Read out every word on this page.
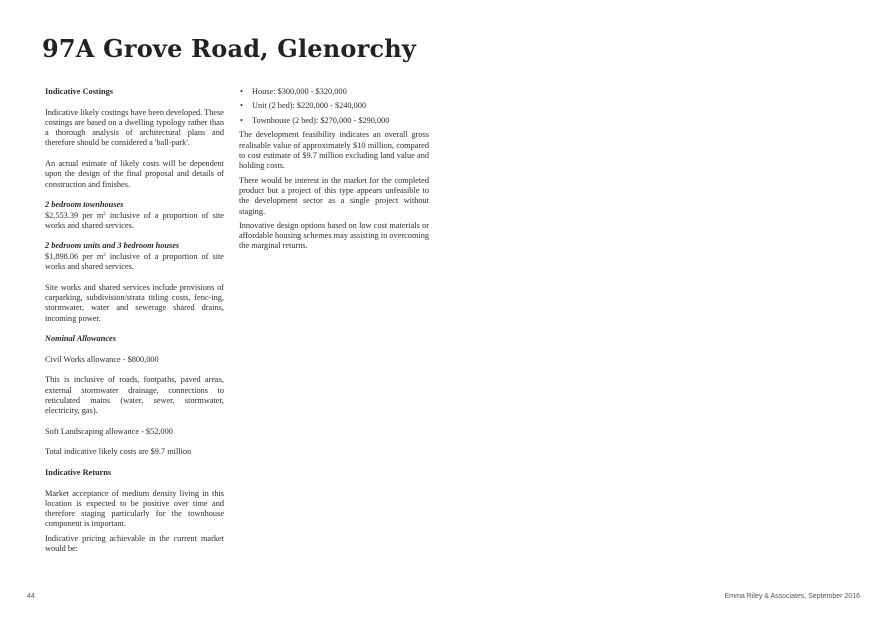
97A Grove Road, Glenorchy

Indicative Costings

Indicative likely costings have been developed. These costings are based on a dwelling typology rather than a thorough analysis of architectural plans and therefore should be considered a 'ball-park'.

An actual esimate of likely costs will be dependent upon the design of the final proposal and details of construction and finishes.

2 bedroom townhouses

$2,553.39 per $m^2$ inclusive of a proportion of site works and shared services.

2 bedroom units and 3 bedroom houses

$1,898.06 per $m^2$ inclusive of a proportion of site works and shared services.

Site works and shared services include provisions of carparking, subdivision/strata titling costs, fenc-ing, stormwater, water and sewerage shared drains, incoming power.

Nominal Allowances

Civil Works allowance - $800,000

This is inclusive of roads, footpaths, paved areas, external stormwater drainage, connections to reticulated mains (water, sewer, stormwater, electricity, gas).

Soft Landscaping allowance - $52,000

Total indicative likely costs are $9.7 million

Indicative Returns

Market acceptance of medium density living in this location is expected to be positive over time and therefore staging particularly for the townhouse component is important.

Indicative pricing achievable in the current market would be:

• House: $300,000 - $320,000
• Unit (2 bed): $220,000 - $240,000
• Townhouse (2 bed): $270,000 - $290,000

The development feasibility indicates an overall gross realisable value of approximately $10 million, compared to cost estimate of $9.7 million excluding land value and holding costs.

There would be interest in the market for the completed product but a project of this type appears unfeasible to the development sector as a single project without staging.

Innovative design options based on low cost materials or affordable housing schemes may assisting in overcoming the marginal returns.

44	Emma Riley & Associates, September 2016
